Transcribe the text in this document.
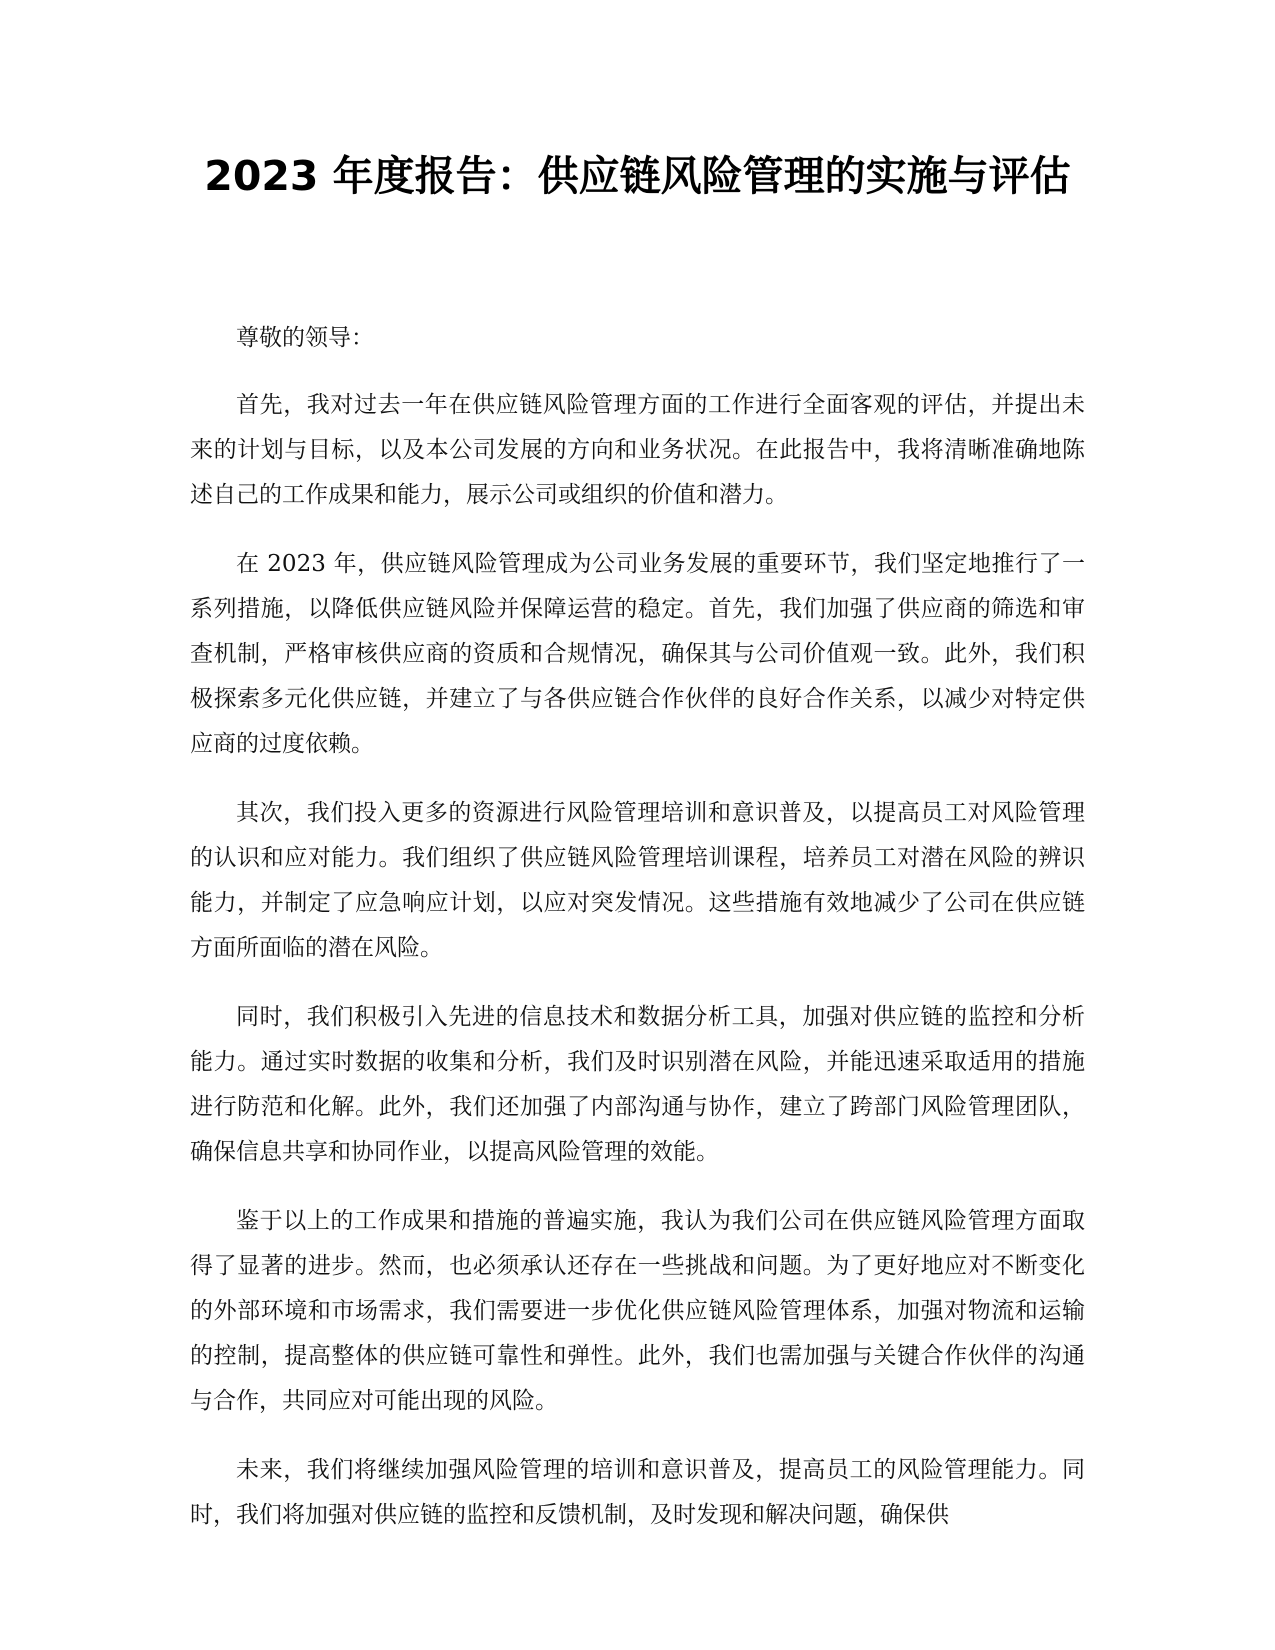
2023 年度报告：供应链风险管理的实施与评估

尊敬的领导：

首先，我对过去一年在供应链风险管理方面的工作进行全面客观的评估，并提出未来的计划与目标，以及本公司发展的方向和业务状况。在此报告中，我将清晰准确地陈述自己的工作成果和能力，展示公司或组织的价值和潜力。

在 2023 年，供应链风险管理成为公司业务发展的重要环节，我们坚定地推行了一系列措施，以降低供应链风险并保障运营的稳定。首先，我们加强了供应商的筛选和审查机制，严格审核供应商的资质和合规情况，确保其与公司价值观一致。此外，我们积极探索多元化供应链，并建立了与各供应链合作伙伴的良好合作关系，以减少对特定供应商的过度依赖。

其次，我们投入更多的资源进行风险管理培训和意识普及，以提高员工对风险管理的认识和应对能力。我们组织了供应链风险管理培训课程，培养员工对潜在风险的辨识能力，并制定了应急响应计划，以应对突发情况。这些措施有效地减少了公司在供应链方面所面临的潜在风险。

同时，我们积极引入先进的信息技术和数据分析工具，加强对供应链的监控和分析能力。通过实时数据的收集和分析，我们及时识别潜在风险，并能迅速采取适用的措施进行防范和化解。此外，我们还加强了内部沟通与协作，建立了跨部门风险管理团队，确保信息共享和协同作业，以提高风险管理的效能。

鉴于以上的工作成果和措施的普遍实施，我认为我们公司在供应链风险管理方面取得了显著的进步。然而，也必须承认还存在一些挑战和问题。为了更好地应对不断变化的外部环境和市场需求，我们需要进一步优化供应链风险管理体系，加强对物流和运输的控制，提高整体的供应链可靠性和弹性。此外，我们也需加强与关键合作伙伴的沟通与合作，共同应对可能出现的风险。

未来，我们将继续加强风险管理的培训和意识普及，提高员工的风险管理能力。同时，我们将加强对供应链的监控和反馈机制，及时发现和解决问题，确保供
